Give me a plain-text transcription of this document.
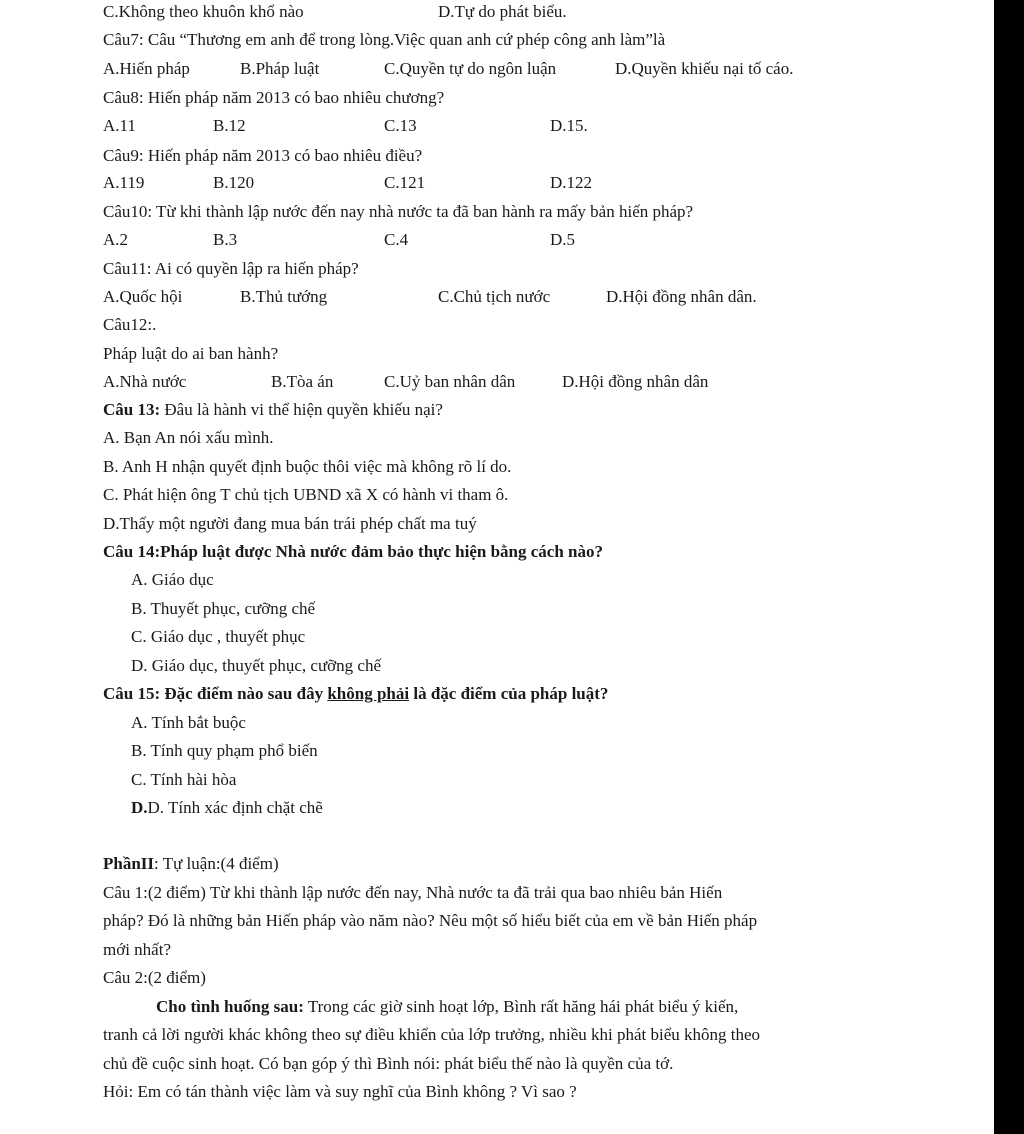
C.Không theo khuôn khổ nào	D.Tự do phát biểu.
Câu7: Câu “Thương em anh để trong lòng.Việc quan anh cứ phép công anh làm”là
A.Hiến pháp	B.Pháp luật	C.Quyền tự do ngôn luận	D.Quyền khiếu nại tố cáo.
Câu8: Hiến pháp năm 2013 có bao nhiêu chương?
A.11	B.12	C.13	D.15.
Câu9: Hiến pháp năm 2013 có bao nhiêu điều?
A.119	B.120	C.121	D.122
Câu10: Từ khi thành lập nước đến nay nhà nước ta đã ban hành ra mấy bản hiến pháp?
A.2	B.3	C.4	D.5
Câu11: Ai có quyền lập ra hiến pháp?
A.Quốc hội	B.Thủ tướng	C.Chủ tịch nước	D.Hội đồng nhân dân.
Câu12:.
Pháp luật do ai ban hành?
A.Nhà nước	B.Tòa án	C.Uỷ ban nhân dân	D.Hội đồng nhân dân
Câu 13: Đâu là hành vi thể hiện quyền khiếu nại?
A. Bạn An nói xấu mình.
B. Anh H nhận quyết định buộc thôi việc mà không rõ lí do.
C. Phát hiện ông T chủ tịch UBND xã X có hành vi tham ô.
D.Thấy một người đang mua bán trái phép chất ma tuý
Câu 14:Pháp luật được Nhà nước đảm bảo thực hiện bằng cách nào?
A. Giáo dục
B. Thuyết phục, cưỡng chế
C. Giáo dục , thuyết phục
D. Giáo dục, thuyết phục, cưỡng chế
Câu 15: Đặc điểm nào sau đây không phải là đặc điểm của pháp luật?
A. Tính bắt buộc
B. Tính quy phạm phổ biến
C. Tính hài hòa
D.D. Tính xác định chặt chẽ
PhầnII: Tự luận:(4 điểm)
Câu 1:(2 điểm) Từ khi thành lập nước đến nay, Nhà nước ta đã trải qua bao nhiêu bản Hiến
pháp? Đó là những bản Hiến pháp vào năm nào? Nêu một số hiểu biết của em về bản Hiến pháp
mới nhất?
Câu 2:(2 điểm)
Cho tình huống sau: Trong các giờ sinh hoạt lớp, Bình rất hăng hái phát biểu ý kiến,
tranh cả lời người khác không theo sự điều khiển của lớp trưởng, nhiều khi phát biểu không theo
chủ đề cuộc sinh hoạt. Có bạn góp ý thì Bình nói: phát biểu thế nào là quyền của tớ.
Hỏi: Em có tán thành việc làm và suy nghĩ của Bình không ? Vì sao ?
